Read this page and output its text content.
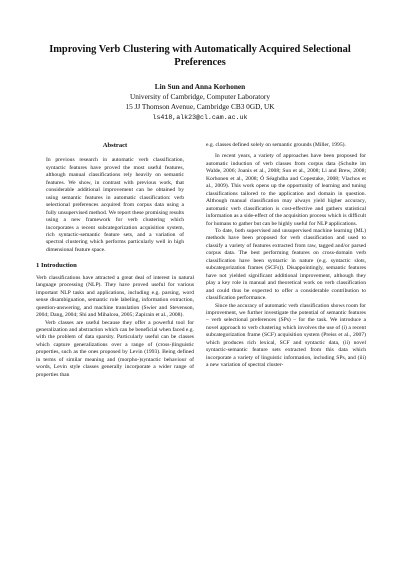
Improving Verb Clustering with Automatically Acquired Selectional Preferences
Lin Sun and Anna Korhonen
University of Cambridge, Computer Laboratory
15 JJ Thomson Avenue, Cambridge CB3 0GD, UK
ls418,alk23@cl.cam.ac.uk
Abstract
In previous research in automatic verb classification, syntactic features have proved the most useful features, although manual classifications rely heavily on semantic features. We show, in contrast with previous work, that considerable additional improvement can be obtained by using semantic features in automatic classification: verb selectional preferences acquired from corpus data using a fully unsupervised method. We report these promising results using a new framework for verb clustering which incorporates a recent subcategorization acquisition system, rich syntactic-semantic feature sets, and a variation of spectral clustering which performs particularly well in high dimensional feature space.
1 Introduction

Verb classifications have attracted a great deal of interest in natural language processing (NLP). They have proved useful for various important NLP tasks and applications, including e.g. parsing, word sense disambiguation, semantic role labeling, information extraction, question-answering, and machine translation (Swier and Stevenson, 2004; Dang, 2004; Shi and Mihalcea, 2005; Zapirain et al., 2008).

Verb classes are useful because they offer a powerful tool for generalization and abstraction which can be beneficial when faced e.g. with the problem of data sparsity. Particularly useful can be classes which capture generalizations over a range of (cross-)linguistic properties, such as the ones proposed by Levin (1993). Being defined in terms of similar meaning and (morpho-)syntactic behaviour of words, Levin style classes generally incorporate a wider range of properties than

e.g. classes defined solely on semantic grounds (Miller, 1995).

In recent years, a variety of approaches have been proposed for automatic induction of verb classes from corpus data (Schulte im Walde, 2006; Joanis et al., 2008; Sun et al., 2008; Li and Brew, 2008; Korhonen et al., 2008; Ó Séaghdha and Copestake, 2008; Vlachos et al., 2009). This work opens up the opportunity of learning and tuning classifications tailored to the application and domain in question. Although manual classification may always yield higher accuracy, automatic verb classification is cost-effective and gathers statistical information as a side-effect of the acquisition process which is difficult for humans to gather but can be highly useful for NLP applications.

To date, both supervised and unsupervised machine learning (ML) methods have been proposed for verb classification and used to classify a variety of features extracted from raw, tagged and/or parsed corpus data. The best performing features on cross-domain verb classification have been syntactic in nature (e.g. syntactic slots, subcategorization frames (SCFs)). Disappointingly, semantic features have not yielded significant additional improvement, although they play a key role in manual and theoretical work on verb classification and could thus be expected to offer a considerable contribution to classification performance.

Since the accuracy of automatic verb classification shows room for improvement, we further investigate the potential of semantic features – verb selectional preferences (SPs) – for the task. We introduce a novel approach to verb clustering which involves the use of (i) a recent subcategorization frame (SCF) acquisition system (Preiss et al., 2007) which produces rich lexical, SCF and syntactic data, (ii) novel syntactic-semantic feature sets extracted from this data which incorporate a variety of linguistic information, including SPs, and (iii) a new variation of spectral cluster-
